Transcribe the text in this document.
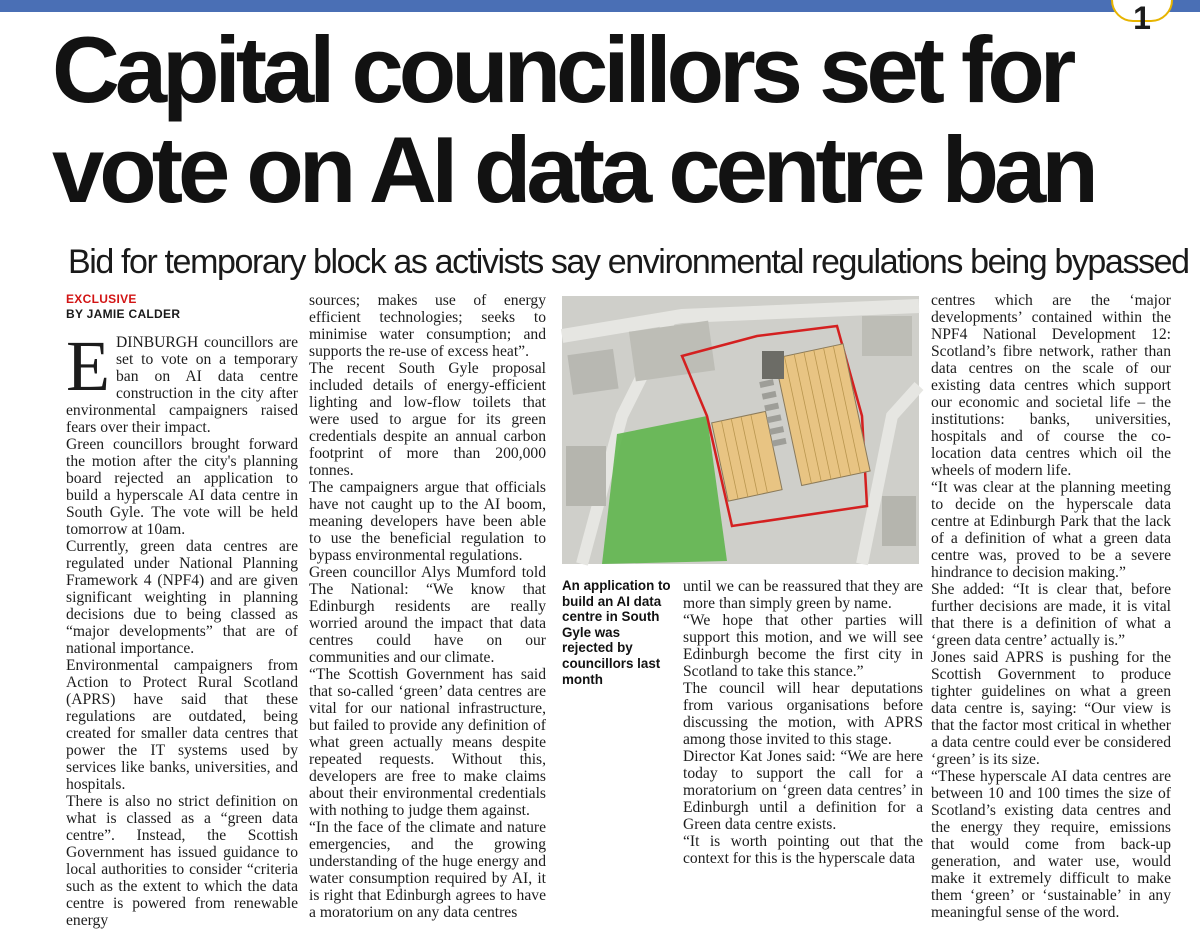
1
Capital councillors set for
vote on AI data centre ban
Bid for temporary block as activists say environmental regulations being bypassed
EXCLUSIVE
BY JAMIE CALDER

EDINBURGH councillors are set to vote on a temporary ban on AI data centre construction in the city after environmental campaigners raised fears over their impact.

Green councillors brought forward the motion after the city's planning board rejected an application to build a hyperscale AI data centre in South Gyle. The vote will be held tomorrow at 10am.

Currently, green data centres are regulated under National Planning Framework 4 (NPF4) and are given significant weighting in planning decisions due to being classed as “major developments” that are of national importance.

Environmental campaigners from Action to Protect Rural Scotland (APRS) have said that these regulations are outdated, being created for smaller data centres that power the IT systems used by services like banks, universities, and hospitals.

There is also no strict definition on what is classed as a “green data centre”. Instead, the Scottish Government has issued guidance to local authorities to consider “criteria such as the extent to which the data centre is powered from renewable energy

sources; makes use of energy efficient technologies; seeks to minimise water consumption; and supports the re-use of excess heat”.

The recent South Gyle proposal included details of energy-efficient lighting and low-flow toilets that were used to argue for its green credentials despite an annual carbon footprint of more than 200,000 tonnes.

The campaigners argue that officials have not caught up to the AI boom, meaning developers have been able to use the beneficial regulation to bypass environmental regulations.

Green councillor Alys Mumford told The National: “We know that Edinburgh residents are really worried around the impact that data centres could have on our communities and our climate.

“The Scottish Government has said that so-called ‘green’ data centres are vital for our national infrastructure, but failed to provide any definition of what green actually means despite repeated requests. Without this, developers are free to make claims about their environmental credentials with nothing to judge them against.

“In the face of the climate and nature emergencies, and the growing understanding of the huge energy and water consumption required by AI, it is right that Edinburgh agrees to have a moratorium on any data centres

An application to build an AI data centre in South Gyle was rejected by councillors last month

until we can be reassured that they are more than simply green by name.

“We hope that other parties will support this motion, and we will see Edinburgh become the first city in Scotland to take this stance.”

The council will hear deputations from various organisations before discussing the motion, with APRS among those invited to this stage.

Director Kat Jones said: “We are here today to support the call for a moratorium on ‘green data centres’ in Edinburgh until a definition for a Green data centre exists.

“It is worth pointing out that the context for this is the hyperscale data

centres which are the ‘major developments’ contained within the NPF4 National Development 12: Scotland’s fibre network, rather than data centres on the scale of our existing data centres which support our economic and societal life – the institutions: banks, universities, hospitals and of course the co-location data centres which oil the wheels of modern life.

“It was clear at the planning meeting to decide on the hyperscale data centre at Edinburgh Park that the lack of a definition of what a green data centre was, proved to be a severe hindrance to decision making.”

She added: “It is clear that, before further decisions are made, it is vital that there is a definition of what a ‘green data centre’ actually is.”

Jones said APRS is pushing for the Scottish Government to produce tighter guidelines on what a green data centre is, saying: “Our view is that the factor most critical in whether a data centre could ever be considered ‘green’ is its size.

“These hyperscale AI data centres are between 10 and 100 times the size of Scotland’s existing data centres and the energy they require, emissions that would come from back-up generation, and water use, would make it extremely difficult to make them ‘green’ or ‘sustainable’ in any meaningful sense of the word.
